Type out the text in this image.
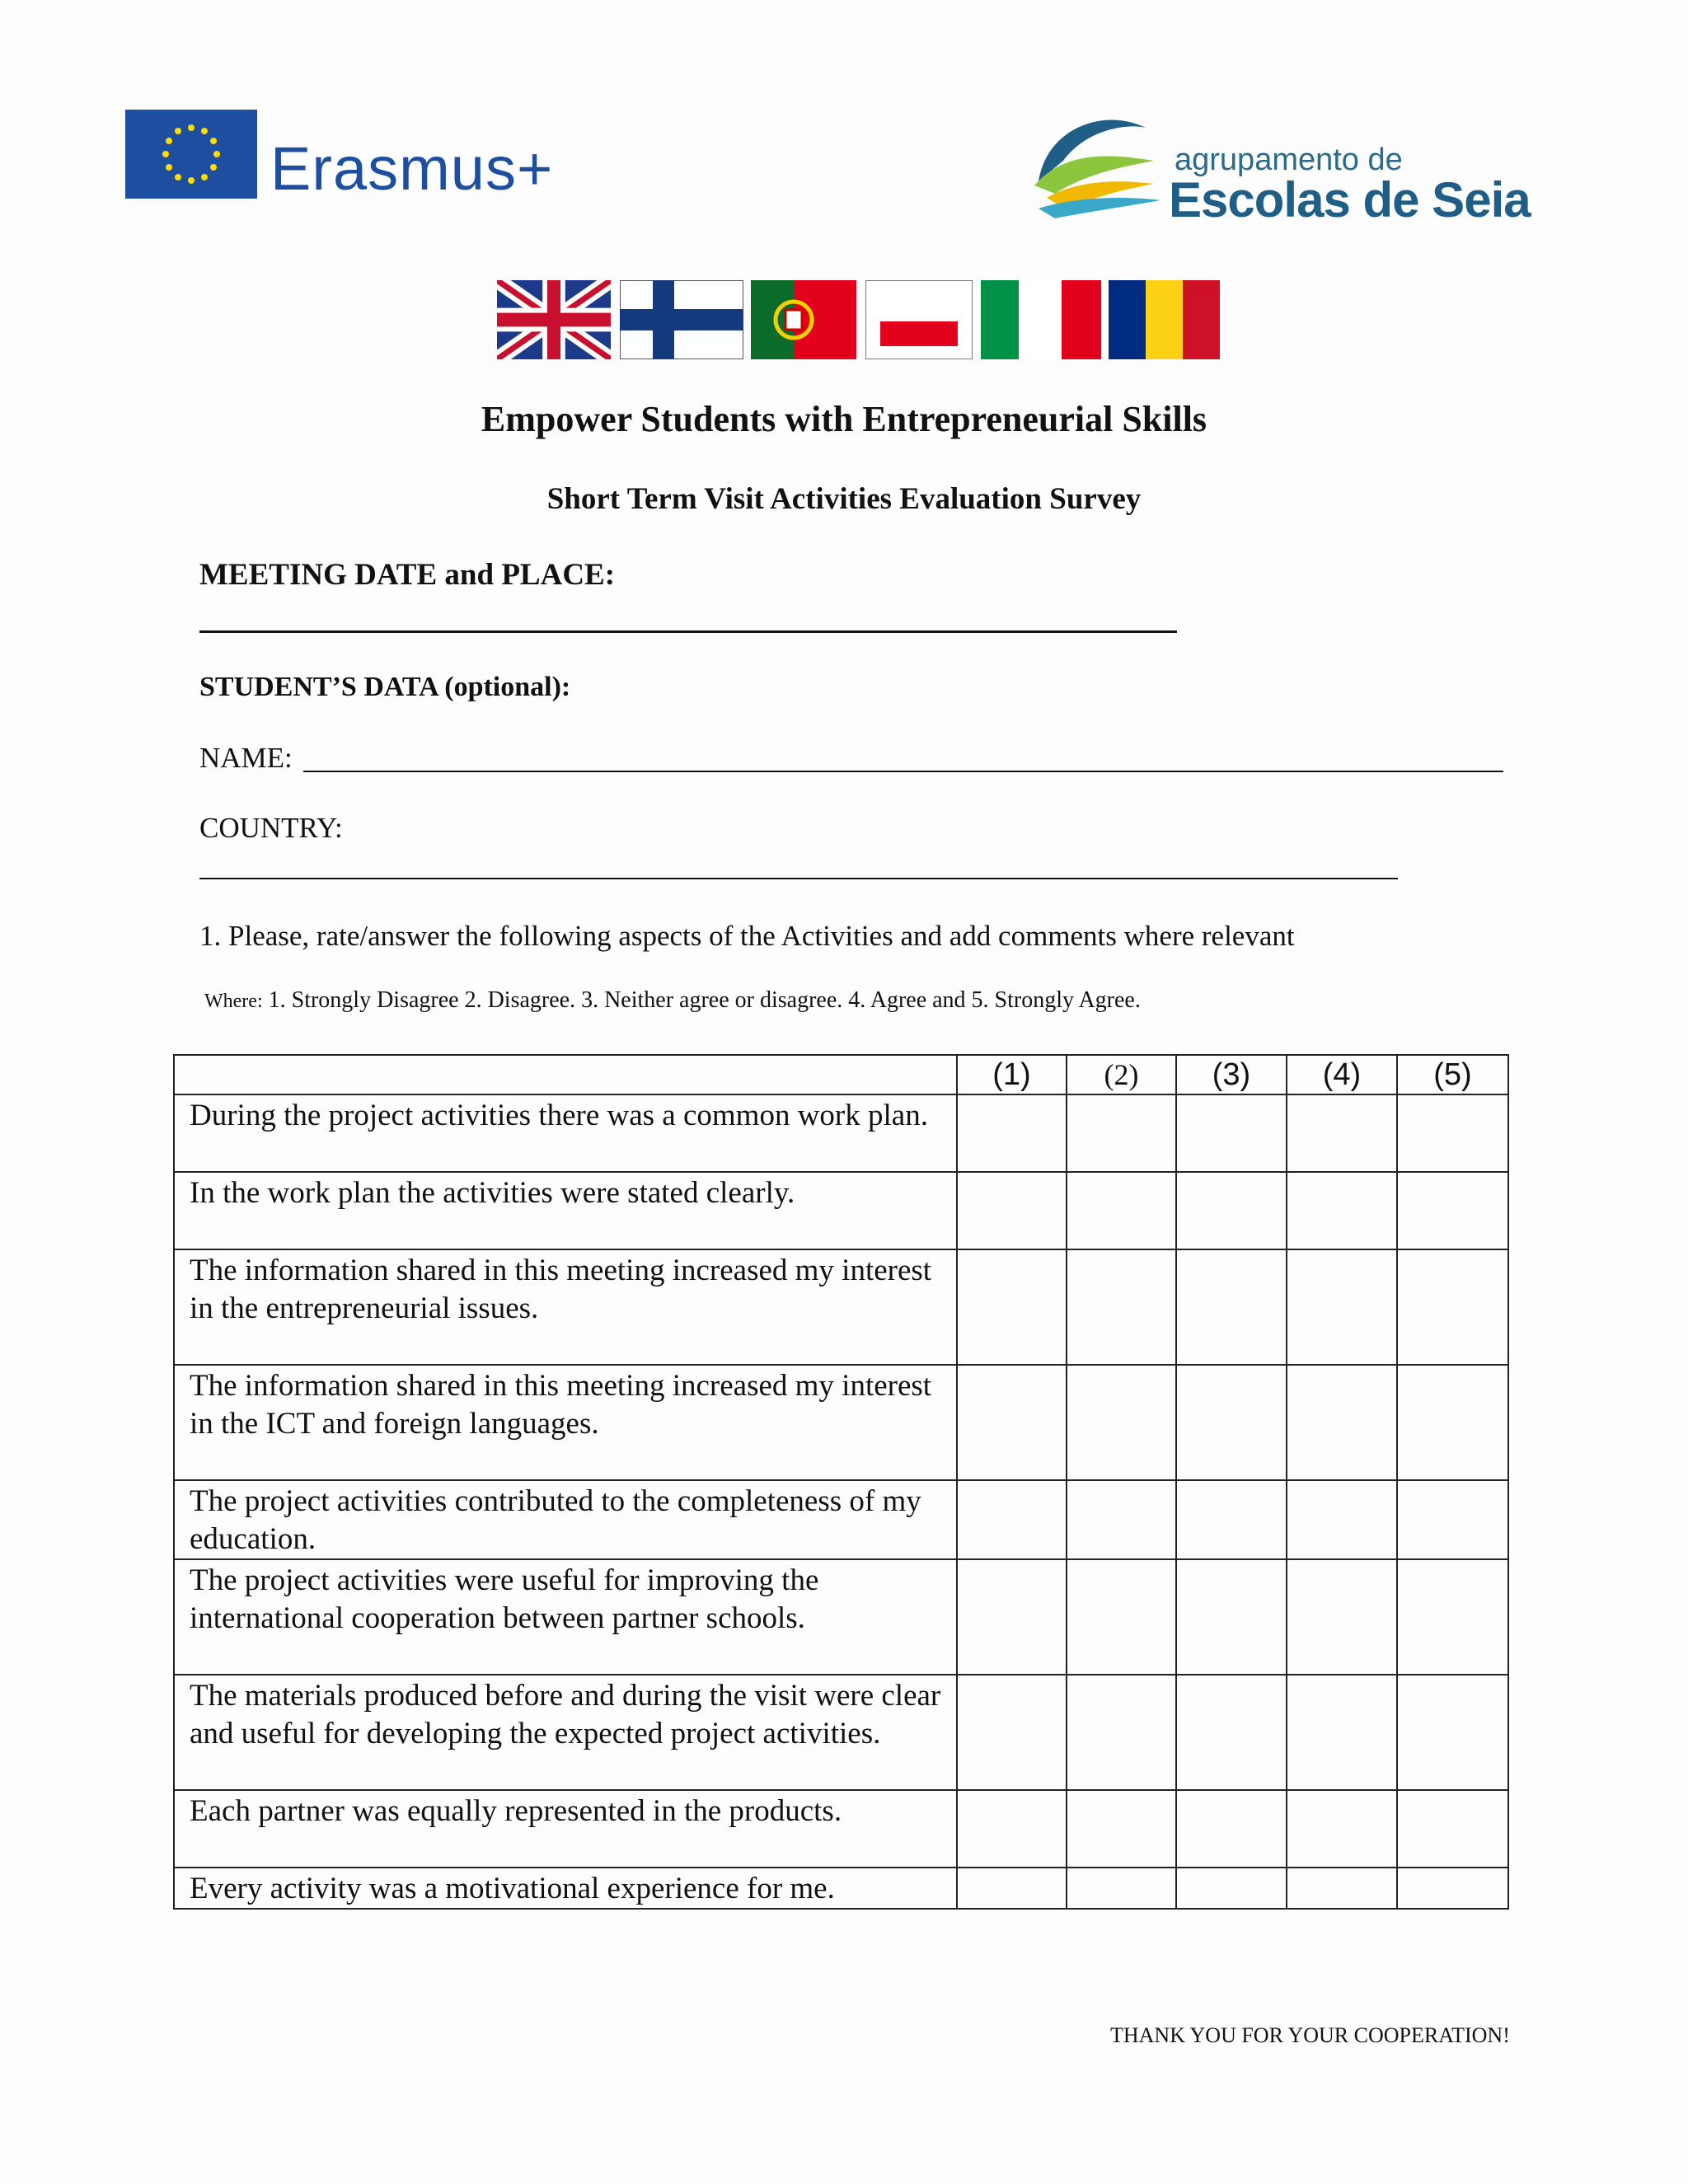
Erasmus+	agrupamento de
Escolas de Seia
Empower Students with Entrepreneurial Skills
Short Term Visit Activities Evaluation Survey
MEETING DATE and PLACE:
STUDENT’S DATA (optional):
NAME:
COUNTRY:
1. Please, rate/answer the following aspects of the Activities and add comments where relevant
Where: 1. Strongly Disagree 2. Disagree. 3. Neither agree or disagree. 4. Agree and 5. Strongly Agree.
	(1)	(2)	(3)	(4)	(5)
During the project activities there was a common work plan.					
In the work plan the activities were stated clearly.					
The information shared in this meeting increased my interest in the entrepreneurial issues.					
The information shared in this meeting increased my interest in the ICT and foreign languages.					
The project activities contributed to the completeness of my education.					
The project activities were useful for improving the international cooperation between partner schools.					
The materials produced before and during the visit were clear and useful for developing the expected project activities.					
Each partner was equally represented in the products.					
Every activity was a motivational experience for me.					
THANK YOU FOR YOUR COOPERATION!
